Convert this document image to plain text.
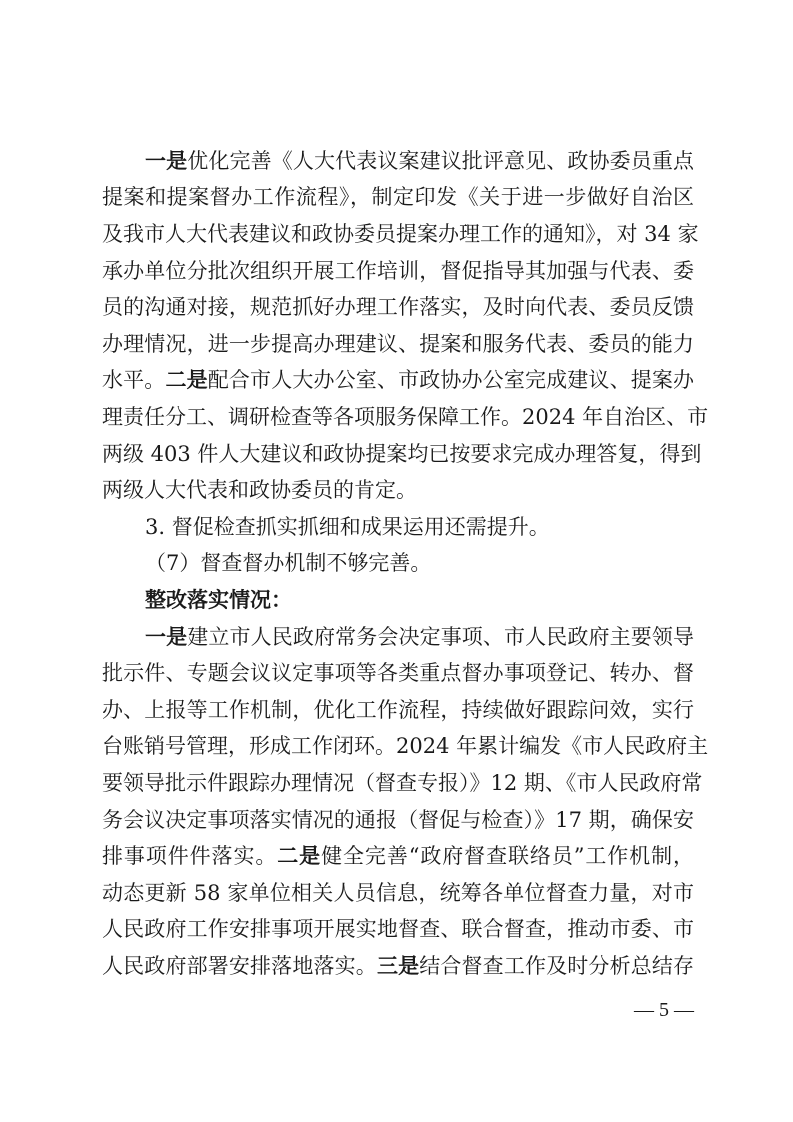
一是优化完善《人大代表议案建议批评意见、政协委员重点
提案和提案督办工作流程》，制定印发《关于进一步做好自治区
及我市人大代表建议和政协委员提案办理工作的通知》，对 34 家
承办单位分批次组织开展工作培训，督促指导其加强与代表、委
员的沟通对接，规范抓好办理工作落实，及时向代表、委员反馈
办理情况，进一步提高办理建议、提案和服务代表、委员的能力
水平。二是配合市人大办公室、市政协办公室完成建议、提案办
理责任分工、调研检查等各项服务保障工作。2024 年自治区、市
两级 403 件人大建议和政协提案均已按要求完成办理答复，得到
两级人大代表和政协委员的肯定。
3. 督促检查抓实抓细和成果运用还需提升。
（7）督查督办机制不够完善。
整改落实情况：
一是建立市人民政府常务会决定事项、市人民政府主要领导
批示件、专题会议议定事项等各类重点督办事项登记、转办、督
办、上报等工作机制，优化工作流程，持续做好跟踪问效，实行
台账销号管理，形成工作闭环。2024 年累计编发《市人民政府主
要领导批示件跟踪办理情况（督查专报）》12 期、《市人民政府常
务会议决定事项落实情况的通报（督促与检查）》17 期，确保安
排事项件件落实。二是健全完善“政府督查联络员”工作机制，
动态更新 58 家单位相关人员信息，统筹各单位督查力量，对市
人民政府工作安排事项开展实地督查、联合督查，推动市委、市
人民政府部署安排落地落实。三是结合督查工作及时分析总结存
— 5 —
